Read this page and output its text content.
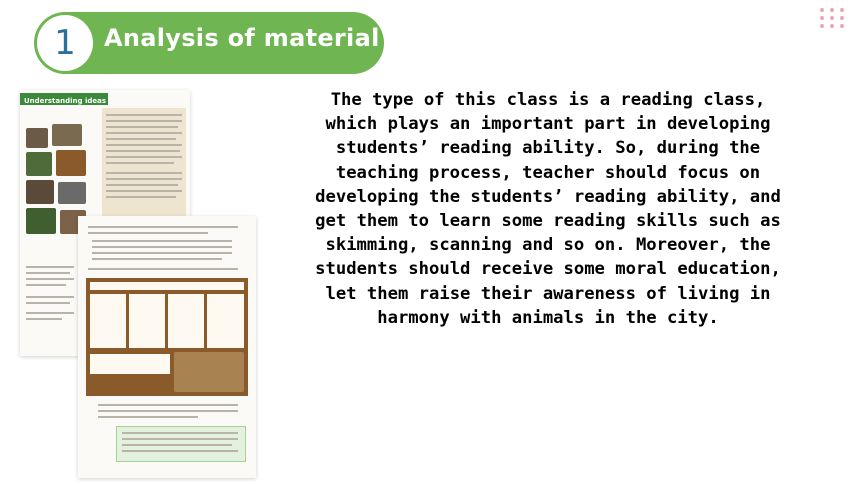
1	Analysis of material
Understanding ideas	The type of this class is a reading class, which plays an important part in developing students’ reading ability. So, during the teaching process, teacher should focus on developing the students’ reading ability, and get them to learn some reading skills such as skimming, scanning and so on. Moreover, the students should receive some moral education, let them raise their awareness of living in harmony with animals in the city.
